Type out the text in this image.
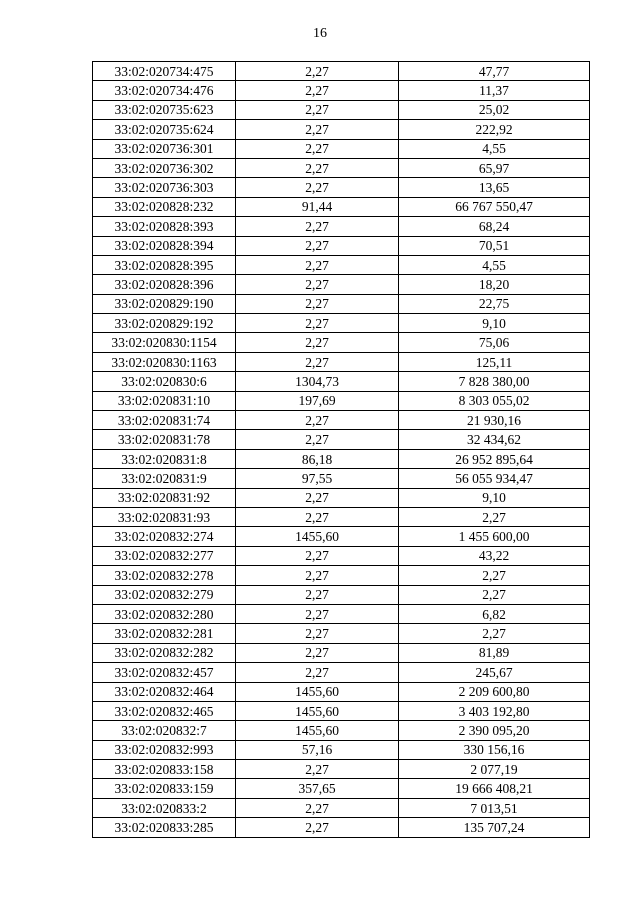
16
33:02:020734:475	2,27	47,77
33:02:020734:476	2,27	11,37
33:02:020735:623	2,27	25,02
33:02:020735:624	2,27	222,92
33:02:020736:301	2,27	4,55
33:02:020736:302	2,27	65,97
33:02:020736:303	2,27	13,65
33:02:020828:232	91,44	66 767 550,47
33:02:020828:393	2,27	68,24
33:02:020828:394	2,27	70,51
33:02:020828:395	2,27	4,55
33:02:020828:396	2,27	18,20
33:02:020829:190	2,27	22,75
33:02:020829:192	2,27	9,10
33:02:020830:1154	2,27	75,06
33:02:020830:1163	2,27	125,11
33:02:020830:6	1304,73	7 828 380,00
33:02:020831:10	197,69	8 303 055,02
33:02:020831:74	2,27	21 930,16
33:02:020831:78	2,27	32 434,62
33:02:020831:8	86,18	26 952 895,64
33:02:020831:9	97,55	56 055 934,47
33:02:020831:92	2,27	9,10
33:02:020831:93	2,27	2,27
33:02:020832:274	1455,60	1 455 600,00
33:02:020832:277	2,27	43,22
33:02:020832:278	2,27	2,27
33:02:020832:279	2,27	2,27
33:02:020832:280	2,27	6,82
33:02:020832:281	2,27	2,27
33:02:020832:282	2,27	81,89
33:02:020832:457	2,27	245,67
33:02:020832:464	1455,60	2 209 600,80
33:02:020832:465	1455,60	3 403 192,80
33:02:020832:7	1455,60	2 390 095,20
33:02:020832:993	57,16	330 156,16
33:02:020833:158	2,27	2 077,19
33:02:020833:159	357,65	19 666 408,21
33:02:020833:2	2,27	7 013,51
33:02:020833:285	2,27	135 707,24
